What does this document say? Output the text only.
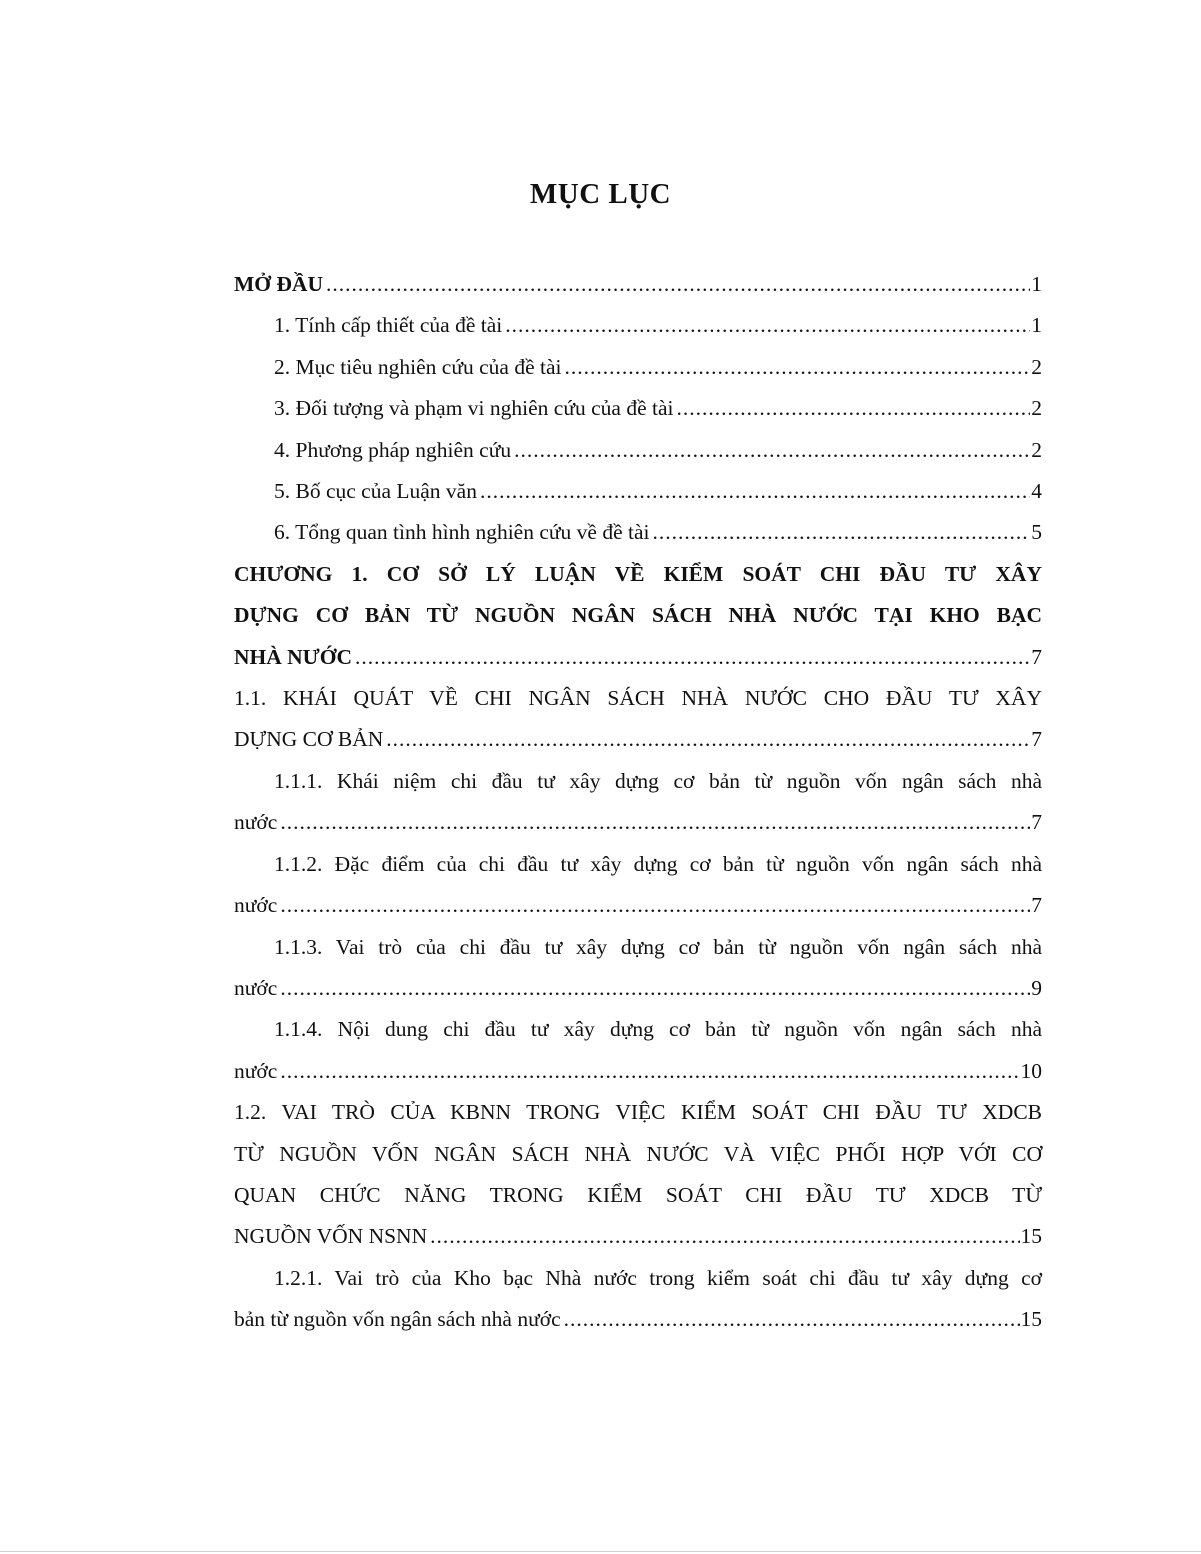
MỤC LỤC
MỞ ĐẦU .....	1
1. Tính cấp thiết của đề tài .....	1
2. Mục tiêu nghiên cứu của đề tài .....	2
3. Đối tượng và phạm vi nghiên cứu của đề tài .....	2
4. Phương pháp nghiên cứu .....	2
5. Bố cục của Luận văn .....	4
6. Tổng quan tình hình nghiên cứu về đề tài .....	5
CHƯƠNG 1. CƠ SỞ LÝ LUẬN VỀ KIỂM SOÁT CHI ĐẦU TƯ XÂY
DỰNG CƠ BẢN TỪ NGUỒN NGÂN SÁCH NHÀ NƯỚC TẠI KHO BẠC
NHÀ NƯỚC .....	7
1.1. KHÁI QUÁT VỀ CHI NGÂN SÁCH NHÀ NƯỚC CHO ĐẦU TƯ XÂY
DỰNG CƠ BẢN .....	7
1.1.1. Khái niệm chi đầu tư xây dựng cơ bản từ nguồn vốn ngân sách nhà
nước .....	7
1.1.2. Đặc điểm của chi đầu tư xây dựng cơ bản từ nguồn vốn ngân sách nhà
nước .....	7
1.1.3. Vai trò của chi đầu tư xây dựng cơ bản từ nguồn vốn ngân sách nhà
nước .....	9
1.1.4. Nội dung chi đầu tư xây dựng cơ bản từ nguồn vốn ngân sách nhà
nước .....	10
1.2. VAI TRÒ CỦA KBNN TRONG VIỆC KIỂM SOÁT CHI ĐẦU TƯ XDCB
TỪ NGUỒN VỐN NGÂN SÁCH NHÀ NƯỚC VÀ VIỆC PHỐI HỢP VỚI CƠ
QUAN CHỨC NĂNG TRONG KIỂM SOÁT CHI ĐẦU TƯ XDCB TỪ
NGUỒN VỐN NSNN .....	15
1.2.1. Vai trò của Kho bạc Nhà nước trong kiểm soát chi đầu tư xây dựng cơ
bản từ nguồn vốn ngân sách nhà nước .....	15
